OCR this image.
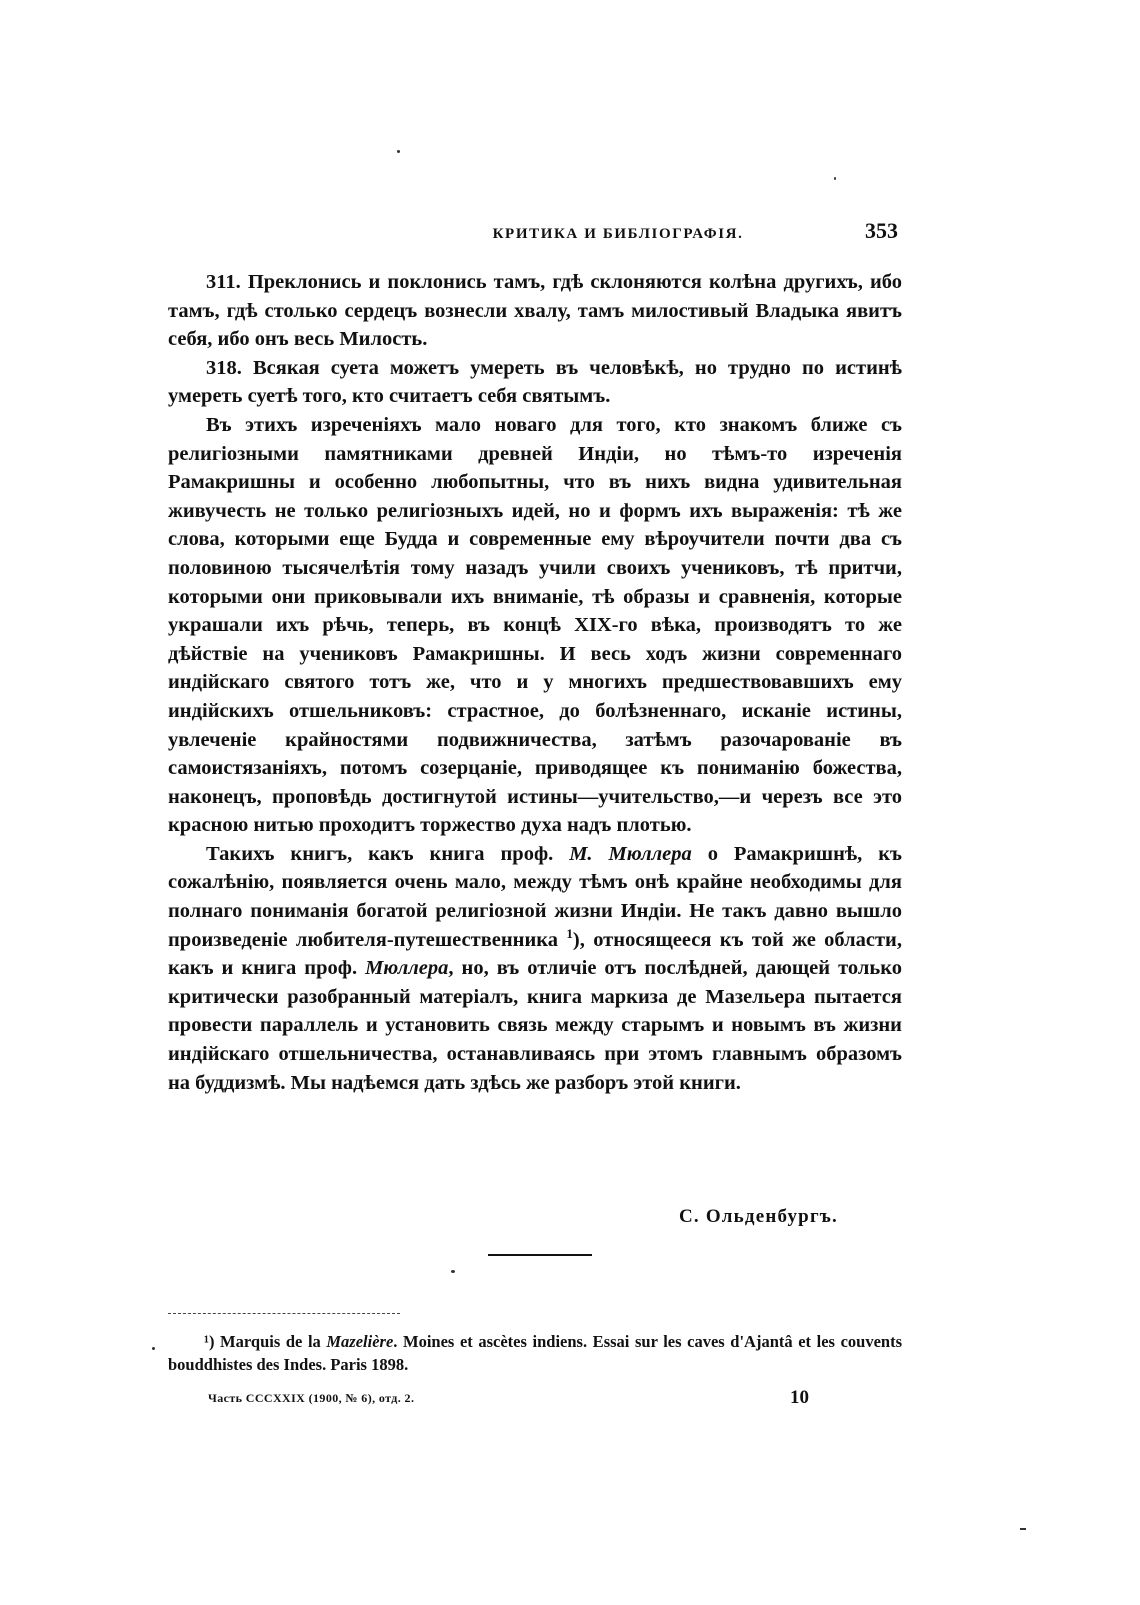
КРИТИКА И БИБЛІОГРАФІЯ.	353

311. Преклонись и поклонись тамъ, гдѣ склоняются колѣна другихъ, ибо тамъ, гдѣ столько сердецъ вознесли хвалу, тамъ милостивый Владыка явитъ себя, ибо онъ весь Милость.

318. Всякая суета можетъ умереть въ человѣкѣ, но трудно по истинѣ умереть суетѣ того, кто считаетъ себя святымъ.

Въ этихъ изреченіяхъ мало новаго для того, кто знакомъ ближе съ религіозными памятниками древней Индіи, но тѣмъ-то изреченія Рамакришны и особенно любопытны, что въ нихъ видна удивительная живучесть не только религіозныхъ идей, но и формъ ихъ выраженія: тѣ же слова, которыми еще Будда и современные ему вѣроучители почти два съ половиною тысячелѣтія тому назадъ учили своихъ учениковъ, тѣ притчи, которыми они приковывали ихъ вниманіе, тѣ образы и сравненія, которые украшали ихъ рѣчь, теперь, въ концѣ XIX-го вѣка, производятъ то же дѣйствіе на учениковъ Рамакришны. И весь ходъ жизни современнаго индійскаго святого тотъ же, что и у многихъ предшествовавшихъ ему индійскихъ отшельниковъ: страстное, до болѣзненнаго, исканіе истины, увлеченіе крайностями подвижничества, затѣмъ разочарованіе въ самоистязаніяхъ, потомъ созерцаніе, приводящее къ пониманію божества, наконецъ, проповѣдь достигнутой истины—учительство,—и черезъ все это красною нитью проходитъ торжество духа надъ плотью.

Такихъ книгъ, какъ книга проф. М. Мюллера о Рамакришнѣ, къ сожалѣнію, появляется очень мало, между тѣмъ онѣ крайне необходимы для полнаго пониманія богатой религіозной жизни Индіи. Не такъ давно вышло произведеніе любителя-путешественника $^1$), относящееся къ той же области, какъ и книга проф. Мюллера, но, въ отличіе отъ послѣдней, дающей только критически разобранный матеріалъ, книга маркиза де Мазельера пытается провести параллель и установить связь между старымъ и новымъ въ жизни индійскаго отшельничества, останавливаясь при этомъ главнымъ образомъ на буддизмѣ. Мы надѣемся дать здѣсь же разборъ этой книги.

С. Ольденбургъ.

¹) Marquis de la Mazelière. Moines et ascètes indiens. Essai sur les caves d'Ajantâ et les couvents bouddhistes des Indes. Paris 1898.

Часть CCCXXIX (1900, № 6), отд. 2.	10
